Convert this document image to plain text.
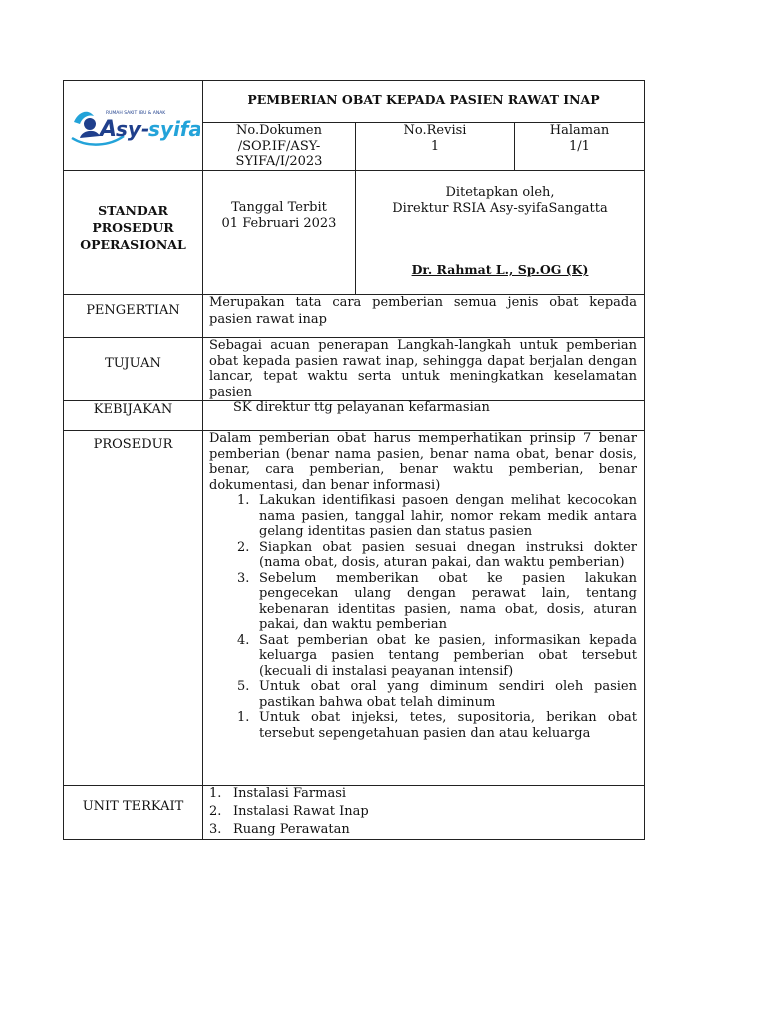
A
sy-
syifa
RUMAH SAKIT IBU & ANAK
PEMBERIAN OBAT KEPADA PASIEN RAWAT INAP
No.Dokumen
/SOP.IF/ASY-
SYIFA/I/2023
No.Revisi
1
Halaman
1/1
STANDAR
PROSEDUR
OPERASIONAL
Tanggal Terbit
01 Februari 2023
Ditetapkan oleh,
Direktur RSIA Asy-syifaSangatta
Dr. Rahmat L., Sp.OG (K)
PENGERTIAN
Merupakan tata cara pemberian semua jenis obat kepada pasien rawat inap
TUJUAN
Sebagai acuan penerapan Langkah-langkah untuk pemberian obat kepada pasien rawat inap, sehingga dapat berjalan dengan lancar, tepat waktu serta untuk meningkatkan keselamatan pasien
KEBIJAKAN	SK direktur ttg pelayanan kefarmasian
PROSEDUR	Dalam pemberian obat harus memperhatikan prinsip 7 benar pemberian (benar nama pasien, benar nama obat, benar dosis, benar, cara pemberian, benar waktu pemberian, benar dokumentasi, dan benar informasi)
1. Lakukan identifikasi pasoen dengan melihat kecocokan nama pasien, tanggal lahir, nomor rekam medik antara gelang identitas pasien dan status pasien
2. Siapkan obat pasien sesuai dnegan instruksi dokter (nama obat, dosis, aturan pakai, dan waktu pemberian)
3. Sebelum memberikan obat ke pasien lakukan pengecekan ulang dengan perawat lain, tentang kebenaran identitas pasien, nama obat, dosis, aturan pakai, dan waktu pemberian
4. Saat pemberian obat ke pasien, informasikan kepada keluarga pasien tentang pemberian obat tersebut (kecuali di instalasi peayanan intensif)
5. Untuk obat oral yang diminum sendiri oleh pasien pastikan bahwa obat telah diminum
1. Untuk obat injeksi, tetes, supositoria, berikan obat tersebut sepengetahuan pasien dan atau keluarga
UNIT TERKAIT
1. Instalasi Farmasi
2. Instalasi Rawat Inap
3. Ruang Perawatan
